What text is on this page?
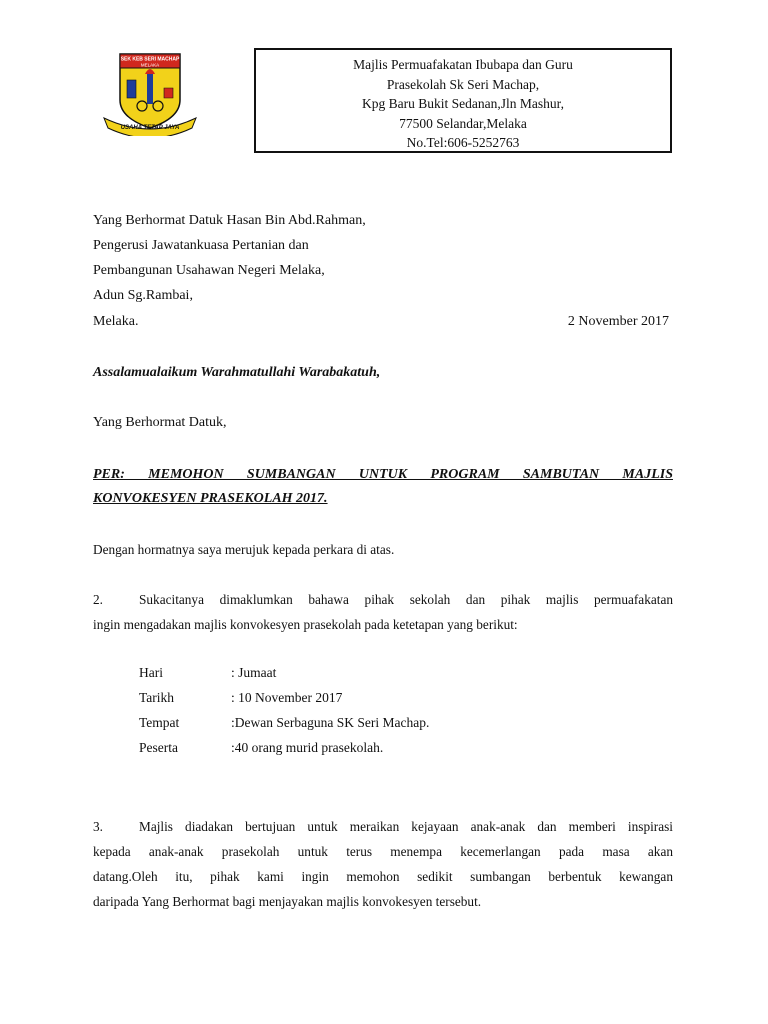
SEK KEB SERI MACHAP
MELAKA
USAHA TETAP JAYA
Majlis Permuafakatan Ibubapa dan Guru
Prasekolah Sk Seri Machap,
Kpg Baru Bukit Sedanan,Jln Mashur,
77500 Selandar,Melaka
No.Tel:606-5252763
Yang Berhormat Datuk Hasan Bin Abd.Rahman,
Pengerusi Jawatankuasa Pertanian dan
Pembangunan Usahawan Negeri Melaka,
Adun Sg.Rambai,
Melaka.	2 November 2017
Assalamualaikum Warahmatullahi Warabakatuh,
Yang Berhormat Datuk,
PER: MEMOHON SUMBANGAN UNTUK PROGRAM SAMBUTAN MAJLIS
KONVOKESYEN PRASEKOLAH 2017.
Dengan hormatnya saya merujuk kepada perkara di atas.
2.	Sukacitanya dimaklumkan bahawa pihak sekolah dan pihak majlis permuafakatan
ingin mengadakan majlis konvokesyen prasekolah pada ketetapan yang berikut:
Hari	: Jumaat
Tarikh	: 10 November 2017
Tempat	:Dewan Serbaguna SK Seri Machap.
Peserta	:40 orang murid prasekolah.
3.	Majlis diadakan bertujuan untuk meraikan kejayaan anak-anak dan memberi inspirasi
kepada anak-anak prasekolah untuk terus menempa kecemerlangan pada masa akan
datang.Oleh itu, pihak kami ingin memohon sedikit sumbangan berbentuk kewangan
daripada Yang Berhormat bagi menjayakan majlis konvokesyen tersebut.
